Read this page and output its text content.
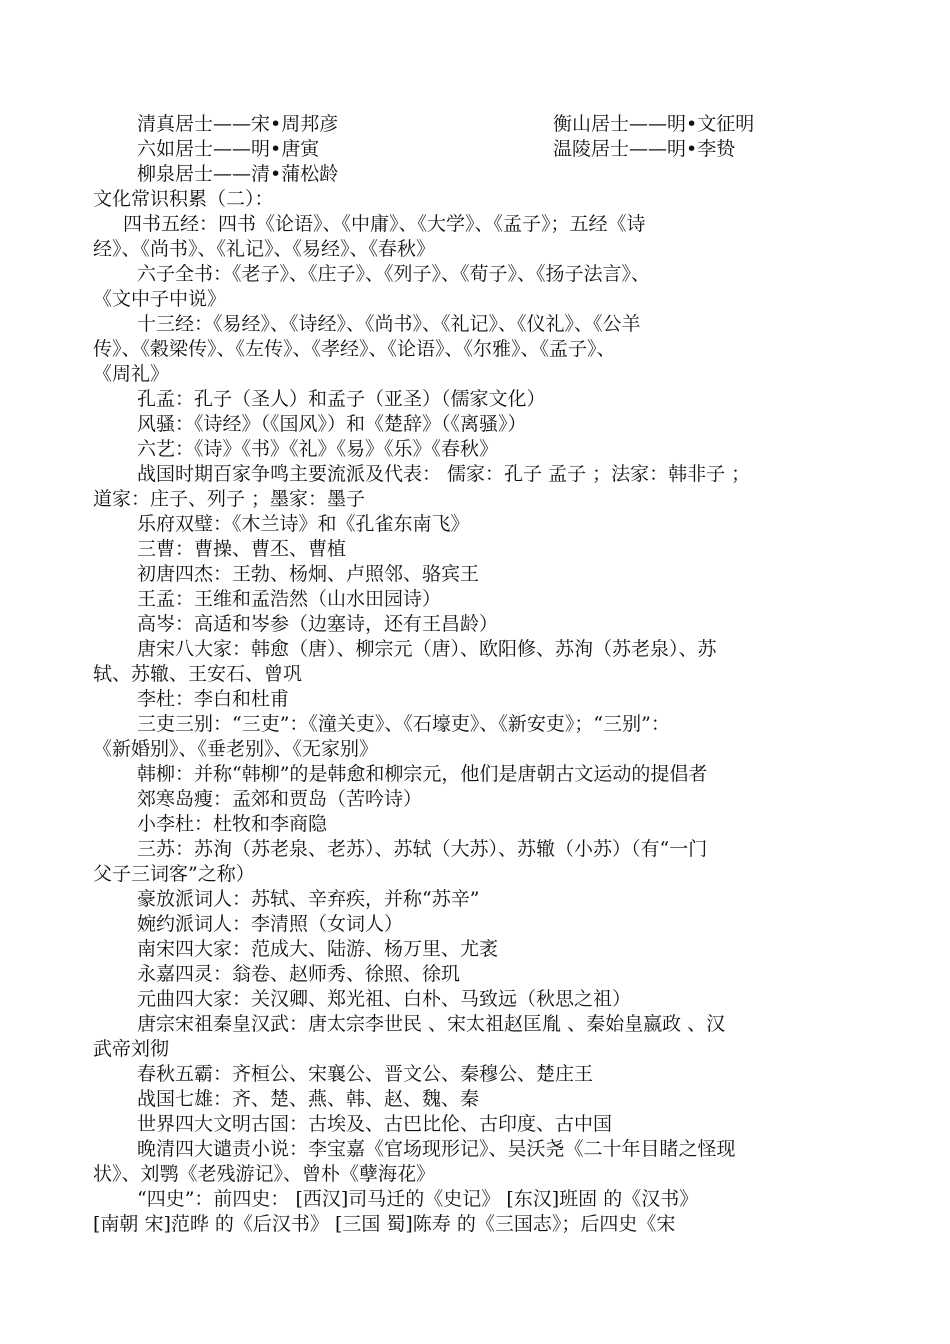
清真居士——宋•周邦彦	衡山居士——明•文征明
六如居士——明•唐寅	温陵居士——明•李贽
柳泉居士——清•蒲松龄
文化常识积累（二）：
四书五经：四书《论语》、《中庸》、《大学》、《孟子》；五经《诗
经》、《尚书》、《礼记》、《易经》、《春秋》
六子全书：《老子》、《庄子》、《列子》、《荀子》、《扬子法言》、
《文中子中说》
十三经：《易经》、《诗经》、《尚书》、《礼记》、《仪礼》、《公羊
传》、《穀梁传》、《左传》、《孝经》、《论语》、《尔雅》、《孟子》、
《周礼》
孔孟：孔子（圣人）和孟子（亚圣）（儒家文化）
风骚：《诗经》（《国风》）和《楚辞》（《离骚》）
六艺：《诗》《书》《礼》《易》《乐》《春秋》
战国时期百家争鸣主要流派及代表： 儒家：孔子 孟子 ；法家：韩非子 ；
道家：庄子、列子 ；墨家：墨子
乐府双璧：《木兰诗》和《孔雀东南飞》
三曹：曹操、曹丕、曹植
初唐四杰：王勃、杨炯、卢照邻、骆宾王
王孟：王维和孟浩然（山水田园诗）
高岑：高适和岑参（边塞诗，还有王昌龄）
唐宋八大家：韩愈（唐）、柳宗元（唐）、欧阳修、苏洵（苏老泉）、苏
轼、苏辙、王安石、曾巩
李杜：李白和杜甫
三吏三别：“三吏”：《潼关吏》、《石壕吏》、《新安吏》；“三别”：
《新婚别》、《垂老别》、《无家别》
韩柳：并称“韩柳”的是韩愈和柳宗元，他们是唐朝古文运动的提倡者
郊寒岛瘦：孟郊和贾岛（苦吟诗）
小李杜：杜牧和李商隐
三苏：苏洵（苏老泉、老苏）、苏轼（大苏）、苏辙（小苏）（有“一门
父子三词客”之称）
豪放派词人：苏轼、辛弃疾，并称“苏辛”
婉约派词人：李清照（女词人）
南宋四大家：范成大、陆游、杨万里、尤袤
永嘉四灵：翁卷、赵师秀、徐照、徐玑
元曲四大家：关汉卿、郑光祖、白朴、马致远（秋思之祖）
唐宗宋祖秦皇汉武：唐太宗李世民 、宋太祖赵匡胤 、秦始皇嬴政 、汉
武帝刘彻
春秋五霸：齐桓公、宋襄公、晋文公、秦穆公、楚庄王
战国七雄：齐、楚、燕、韩、赵、魏、秦
世界四大文明古国：古埃及、古巴比伦、古印度、古中国
晚清四大谴责小说：李宝嘉《官场现形记》、吴沃尧《二十年目睹之怪现
状》、刘鹗《老残游记》、曾朴《孽海花》
“四史”：前四史： [西汉]司马迁的《史记》 [东汉]班固 的《汉书》
[南朝 宋]范晔 的《后汉书》 [三国 蜀]陈寿 的《三国志》；后四史《宋
